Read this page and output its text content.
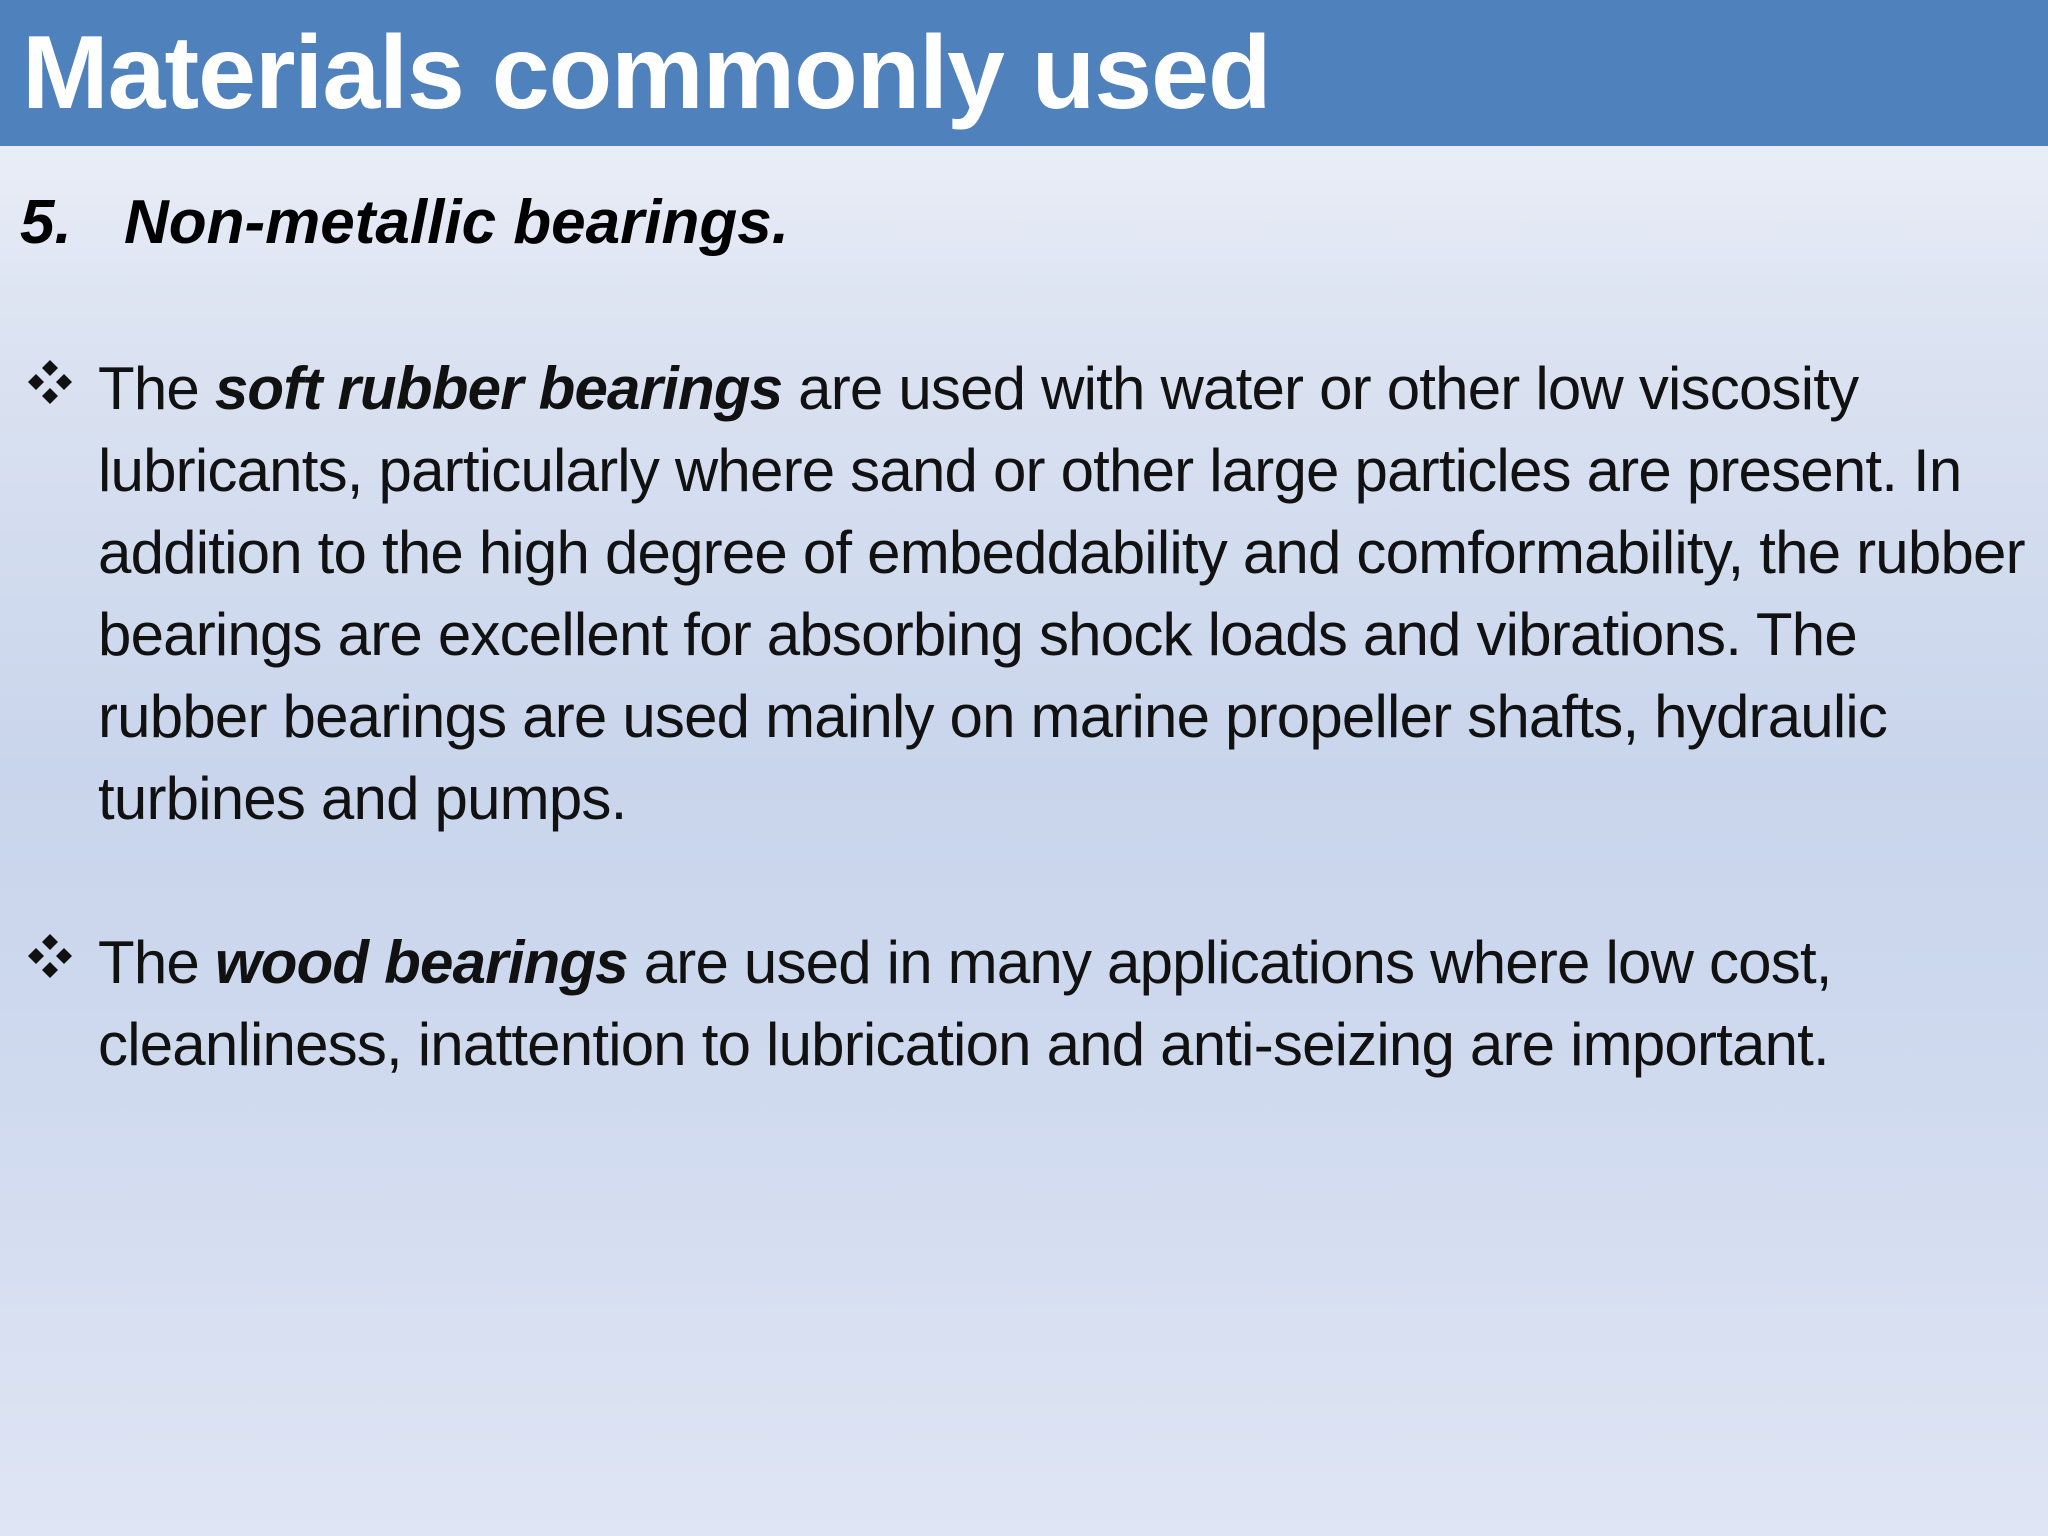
Materials commonly used
5. Non-metallic bearings.

The soft rubber bearings are used with water or other low viscosity lubricants, particularly where sand or other large particles are present. In addition to the high degree of embeddability and comformability, the rubber bearings are excellent for absorbing shock loads and vibrations. The rubber bearings are used mainly on marine propeller shafts, hydraulic turbines and pumps.

The wood bearings are used in many applications where low cost, cleanliness, inattention to lubrication and anti-seizing are important.
